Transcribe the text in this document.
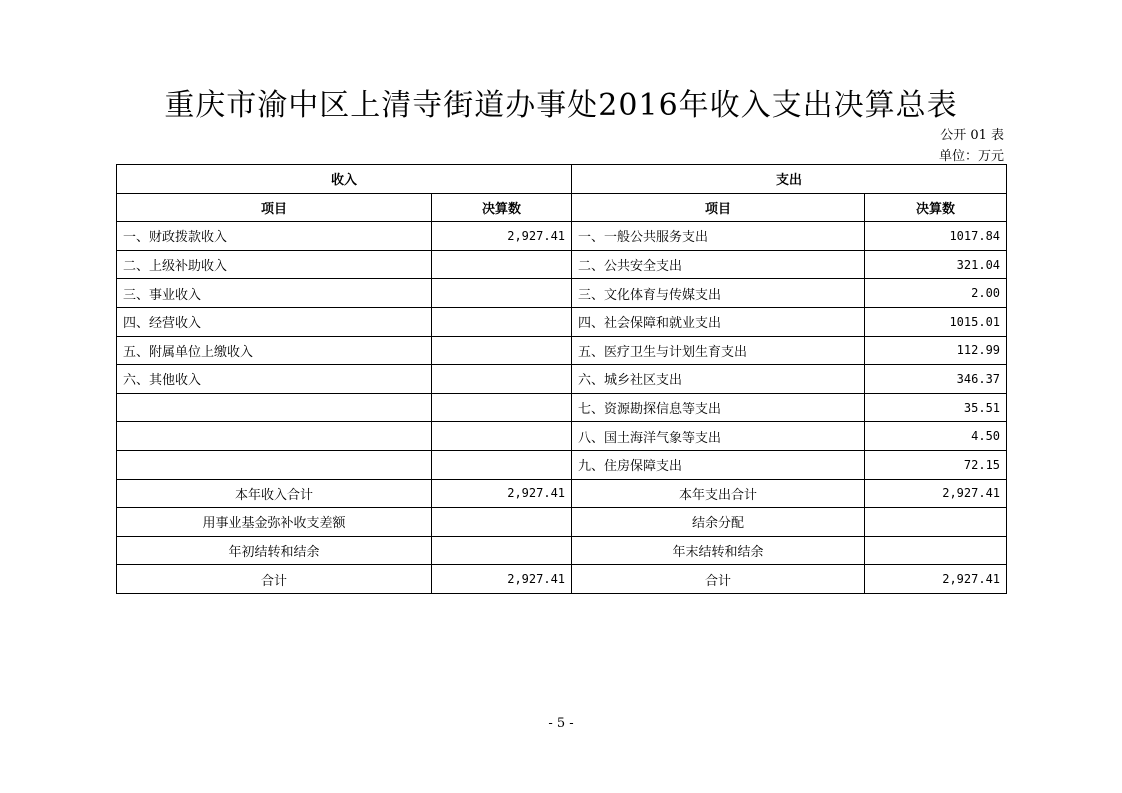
重庆市渝中区上清寺街道办事处2016年收入支出决算总表
公开 01 表
单位：万元
收入		支出	
项目	决算数	项目	决算数
一、财政拨款收入	2,927.41	一、一般公共服务支出	1017.84
二、上级补助收入		二、公共安全支出	321.04
三、事业收入		三、文化体育与传媒支出	2.00
四、经营收入		四、社会保障和就业支出	1015.01
五、附属单位上缴收入		五、医疗卫生与计划生育支出	112.99
六、其他收入		六、城乡社区支出	346.37
		七、资源勘探信息等支出	35.51
		八、国土海洋气象等支出	4.50
		九、住房保障支出	72.15
本年收入合计	2,927.41	本年支出合计	2,927.41
用事业基金弥补收支差额		结余分配	
年初结转和结余		年末结转和结余	
合计	2,927.41	合计	2,927.41
- 5 -
